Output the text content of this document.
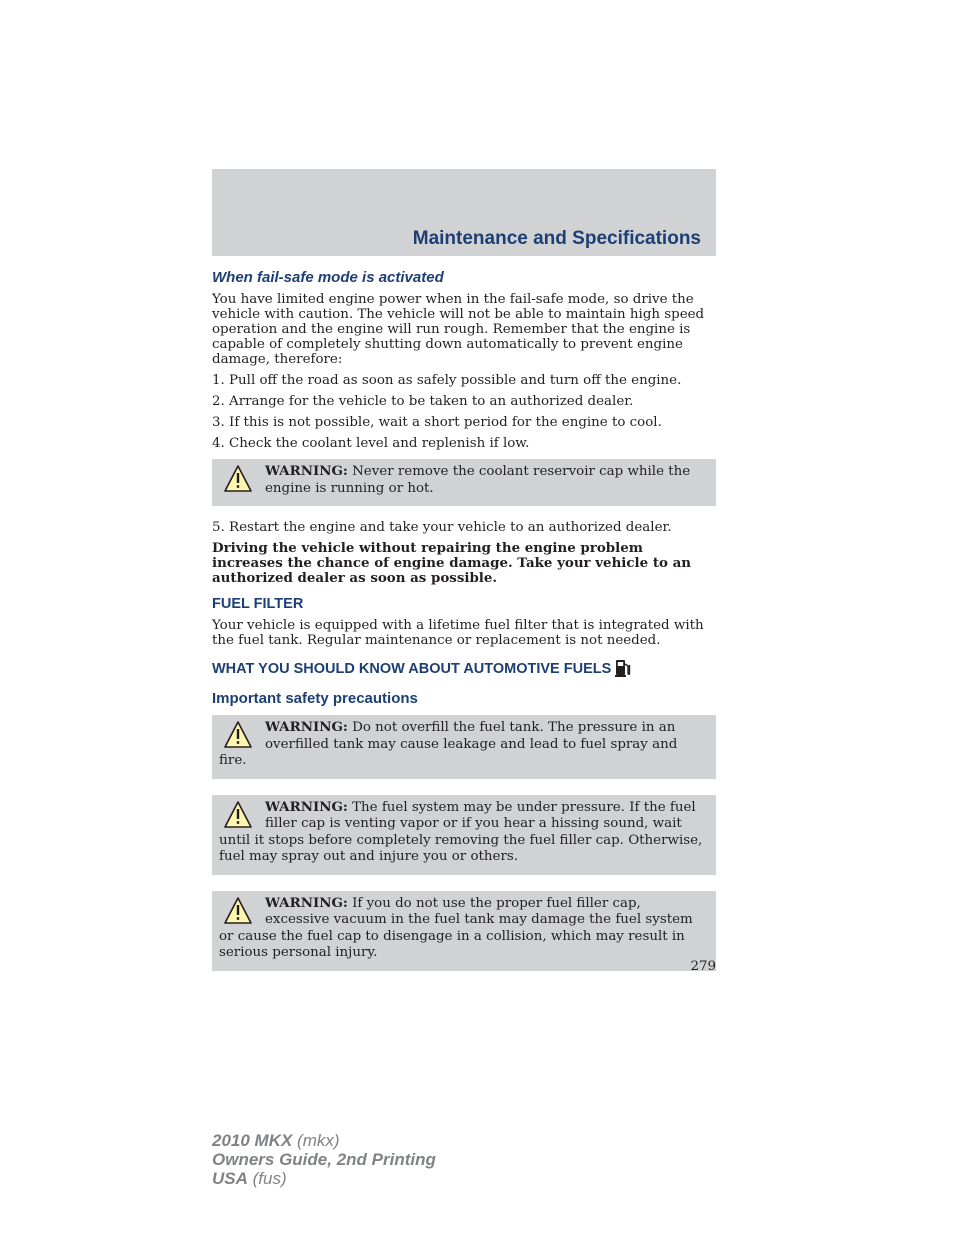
Maintenance and Specifications
When fail-safe mode is activated

You have limited engine power when in the fail-safe mode, so drive the vehicle with caution. The vehicle will not be able to maintain high speed operation and the engine will run rough. Remember that the engine is capable of completely shutting down automatically to prevent engine damage, therefore:

1. Pull off the road as soon as safely possible and turn off the engine.

2. Arrange for the vehicle to be taken to an authorized dealer.

3. If this is not possible, wait a short period for the engine to cool.

4. Check the coolant level and replenish if low.

WARNING: Never remove the coolant reservoir cap while the engine is running or hot.

5. Restart the engine and take your vehicle to an authorized dealer.

Driving the vehicle without repairing the engine problem increases the chance of engine damage. Take your vehicle to an authorized dealer as soon as possible.

FUEL FILTER

Your vehicle is equipped with a lifetime fuel filter that is integrated with the fuel tank. Regular maintenance or replacement is not needed.

WHAT YOU SHOULD KNOW ABOUT AUTOMOTIVE FUELS
Important safety precautions
WARNING: Do not overfill the fuel tank. The pressure in an overfilled tank may cause leakage and lead to fuel spray and fire.
WARNING: The fuel system may be under pressure. If the fuel filler cap is venting vapor or if you hear a hissing sound, wait until it stops before completely removing the fuel filler cap. Otherwise, fuel may spray out and injure you or others.
WARNING: If you do not use the proper fuel filler cap, excessive vacuum in the fuel tank may damage the fuel system or cause the fuel cap to disengage in a collision, which may result in serious personal injury.
279
2010 MKX (mkx)
Owners Guide, 2nd Printing
USA (fus)
